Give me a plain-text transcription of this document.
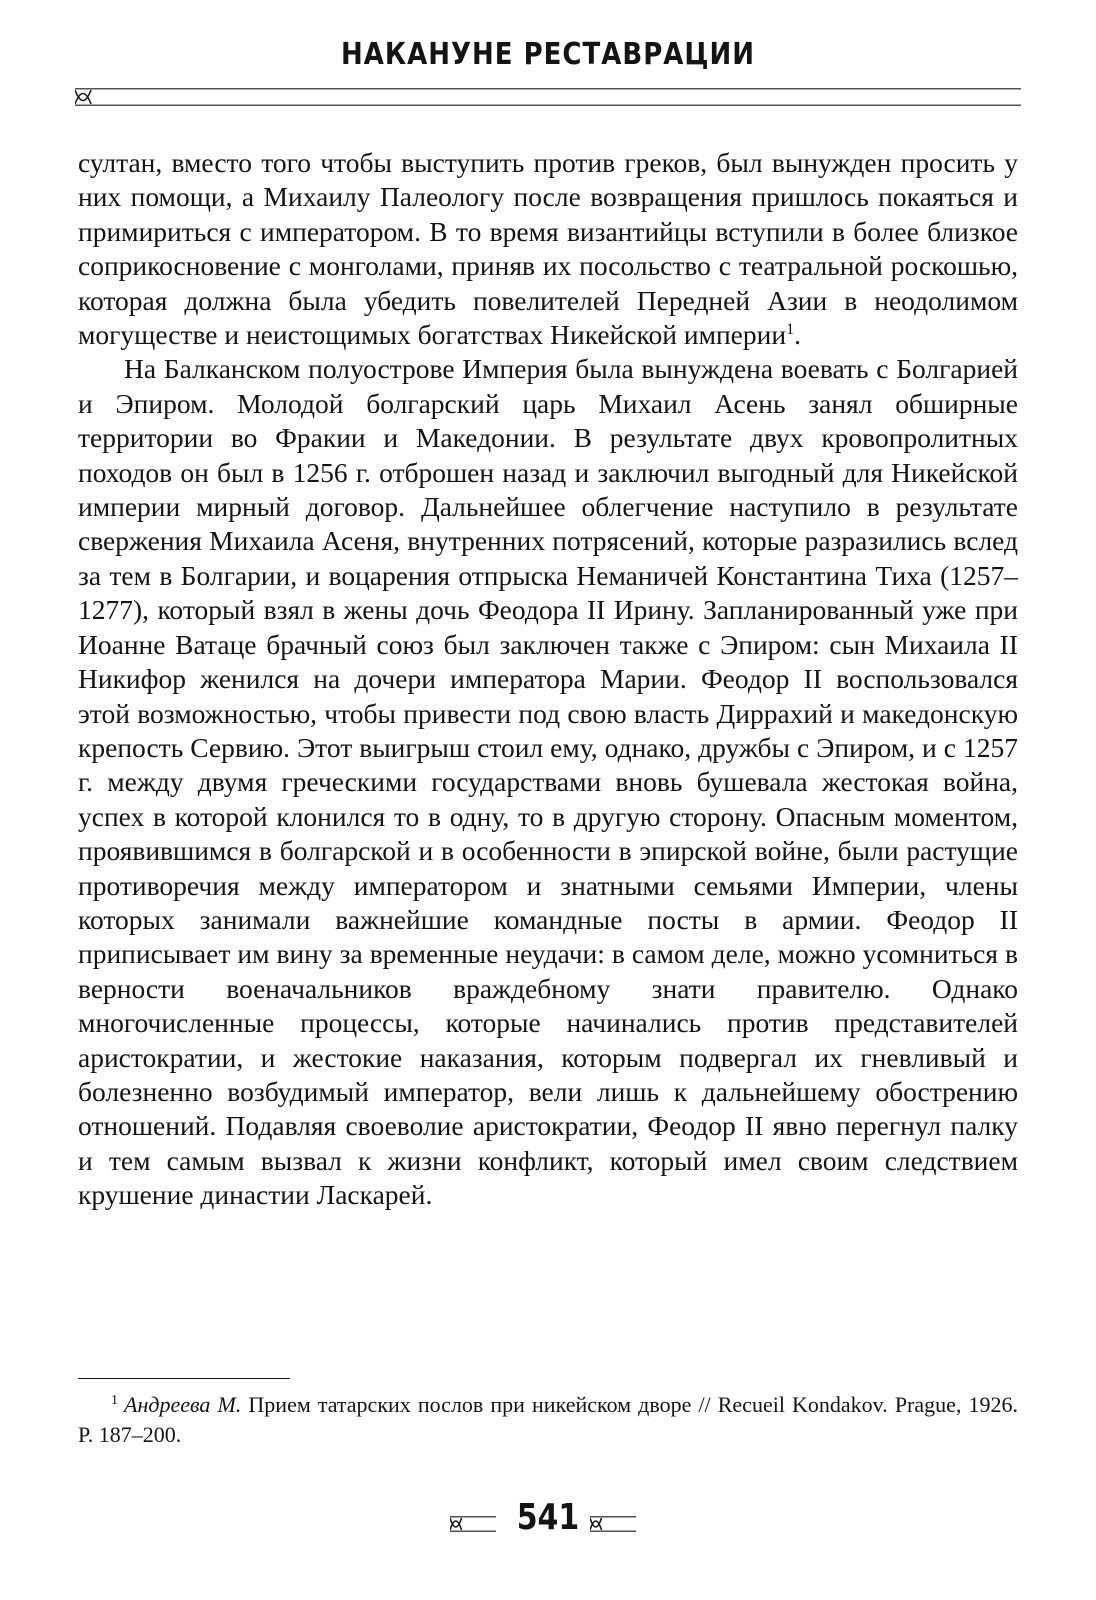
НАКАНУНЕ РЕСТАВРАЦИИ

султан, вместо того чтобы выступить против греков, был вынужден просить у них помощи, а Михаилу Палеологу после возвращения пришлось покаяться и примириться с императором. В то время византийцы вступили в более близкое соприкосновение с монголами, приняв их посольство с театральной роскошью, которая должна была убедить повелителей Передней Азии в неодолимом могуществе и неистощимых богатствах Никейской империи$^1$.

На Балканском полуострове Империя была вынуждена воевать с Болгарией и Эпиром. Молодой болгарский царь Михаил Асень занял обширные территории во Фракии и Македонии. В результате двух кровопролитных походов он был в 1256 г. отброшен назад и заключил выгодный для Никейской империи мирный договор. Дальнейшее облегчение наступило в результате свержения Михаила Асеня, внутренних потрясений, которые разразились вслед за тем в Болгарии, и воцарения отпрыска Неманичей Константина Тиха (1257–1277), который взял в жены дочь Феодора II Ирину. Запланированный уже при Иоанне Ватаце брачный союз был заключен также с Эпиром: сын Михаила II Никифор женился на дочери императора Марии. Феодор II воспользовался этой возможностью, чтобы привести под свою власть Диррахий и македонскую крепость Сервию. Этот выигрыш стоил ему, однако, дружбы с Эпиром, и с 1257 г. между двумя греческими государствами вновь бушевала жестокая война, успех в которой клонился то в одну, то в другую сторону. Опасным моментом, проявившимся в болгарской и в особенности в эпирской войне, были растущие противоречия между императором и знатными семьями Империи, члены которых занимали важнейшие командные посты в армии. Феодор II приписывает им вину за временные неудачи: в самом деле, можно усомниться в верности военачальников враждебному знати правителю. Однако многочисленные процессы, которые начинались против представителей аристократии, и жестокие наказания, которым подвергал их гневливый и болезненно возбудимый император, вели лишь к дальнейшему обострению отношений. Подавляя своеволие аристократии, Феодор II явно перегнул палку и тем самым вызвал к жизни конфликт, который имел своим следствием крушение династии Ласкарей.

1 Андреева М. Прием татарских послов при никейском дворе // Recueil Kondakov. Prague, 1926. P. 187–200.
541
